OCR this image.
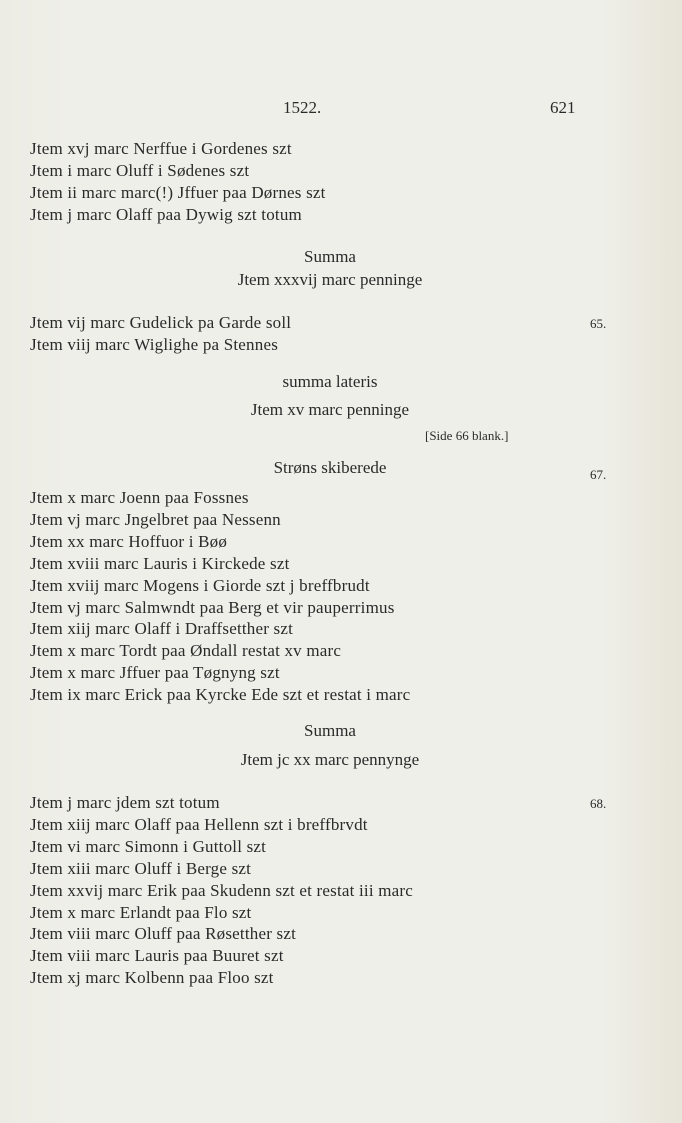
1522.	621
Jtem xvj marc Nerffue i Gordenes szt
Jtem i marc Oluff i Sødenes szt
Jtem ii marc marc(!) Jffuer paa Dørnes szt
Jtem j marc Olaff paa Dywig szt totum
Summa
Jtem xxxvij marc penninge
Jtem vij marc Gudelick pa Garde soll
Jtem viij marc Wiglighe pa Stennes
65.
summa lateris
Jtem xv marc penninge
[Side 66 blank.]
Strøns skiberede	67.
Jtem x marc Joenn paa Fossnes
Jtem vj marc Jngelbret paa Nessenn
Jtem xx marc Hoffuor i Bøø
Jtem xviii marc Lauris i Kirckede szt
Jtem xviij marc Mogens i Giorde szt j breffbrudt
Jtem vj marc Salmwndt paa Berg et vir pauperrimus
Jtem xiij marc Olaff i Draffsetther szt
Jtem x marc Tordt paa Øndall restat xv marc
Jtem x marc Jffuer paa Tøgnyng szt
Jtem ix marc Erick paa Kyrcke Ede szt et restat i marc
Summa
Jtem jc xx marc pennynge
Jtem j marc jdem szt totum
Jtem xiij marc Olaff paa Hellenn szt i breffbrvdt
Jtem vi marc Simonn i Guttoll szt
Jtem xiii marc Oluff i Berge szt
Jtem xxvij marc Erik paa Skudenn szt et restat iii marc
Jtem x marc Erlandt paa Flo szt
Jtem viii marc Oluff paa Røsetther szt
Jtem viii marc Lauris paa Buuret szt
Jtem xj marc Kolbenn paa Floo szt
68.
